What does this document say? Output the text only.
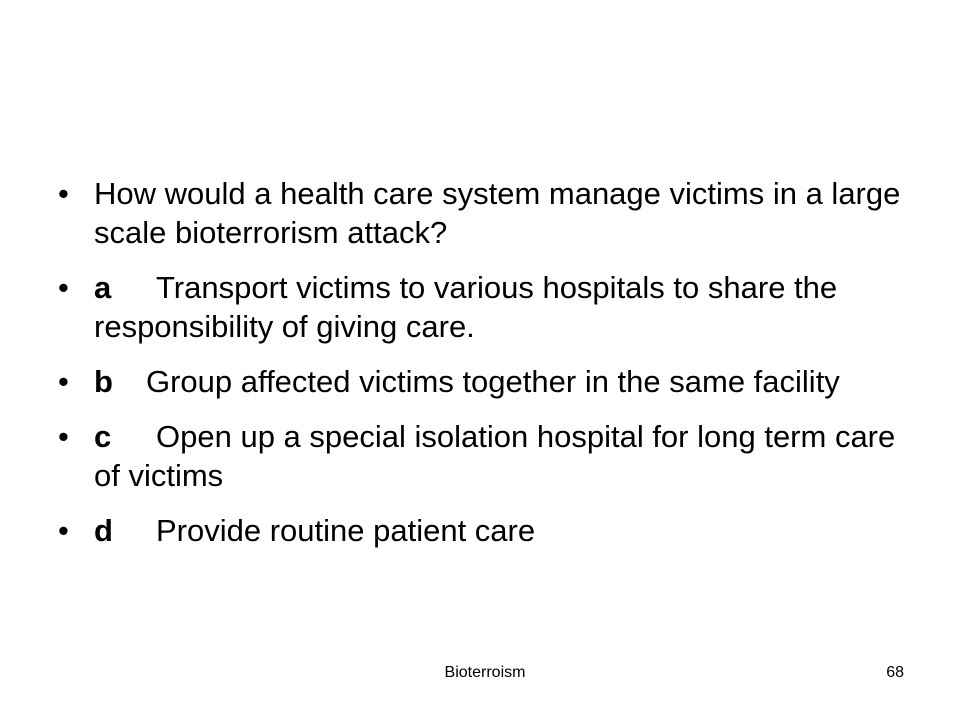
• How would a health care system manage victims in a large scale bioterrorism attack?
• a Transport victims to various hospitals to share the responsibility of giving care.
• b Group affected victims together in the same facility
• c Open up a special isolation hospital for long term care of victims
• d Provide routine patient care
Bioterroism	68
